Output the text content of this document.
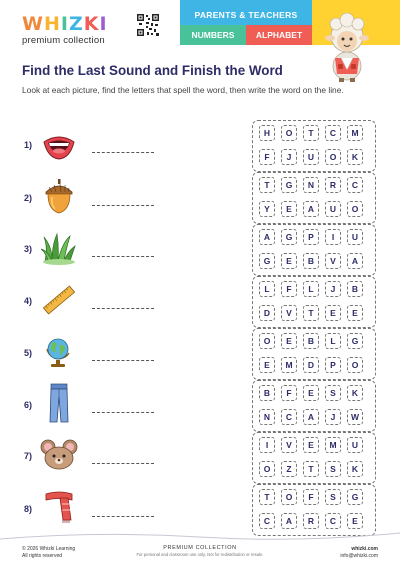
WHIZKI
premium collection
PARENTS & TEACHERS
NUMBERS	ALPHABET
Find the Last Sound and Finish the Word
Look at each picture, find the letters that spell the word, then write the word on the line.
1)
2)
3)
4)
5)
6)
7)
8)
H	O	T	C	M
F	J	U	O	K
T	G	N	R	C
Y	E	A	U	O
A	G	P	I	U
G	E	B	V	A
L	F	L	J	B
D	V	T	E	E
O	E	B	L	G
E	M	D	P	O
B	F	E	S	K
N	C	A	J	W
I	V	E	M	U
O	Z	T	S	K
T	O	F	S	G
C	A	R	C	E
© 2026 Whizki Learning
All rights reserved
PREMIUM COLLECTION
For personal and classroom use only. Not for redistribution or resale.
whizki.com
info@whizki.com
